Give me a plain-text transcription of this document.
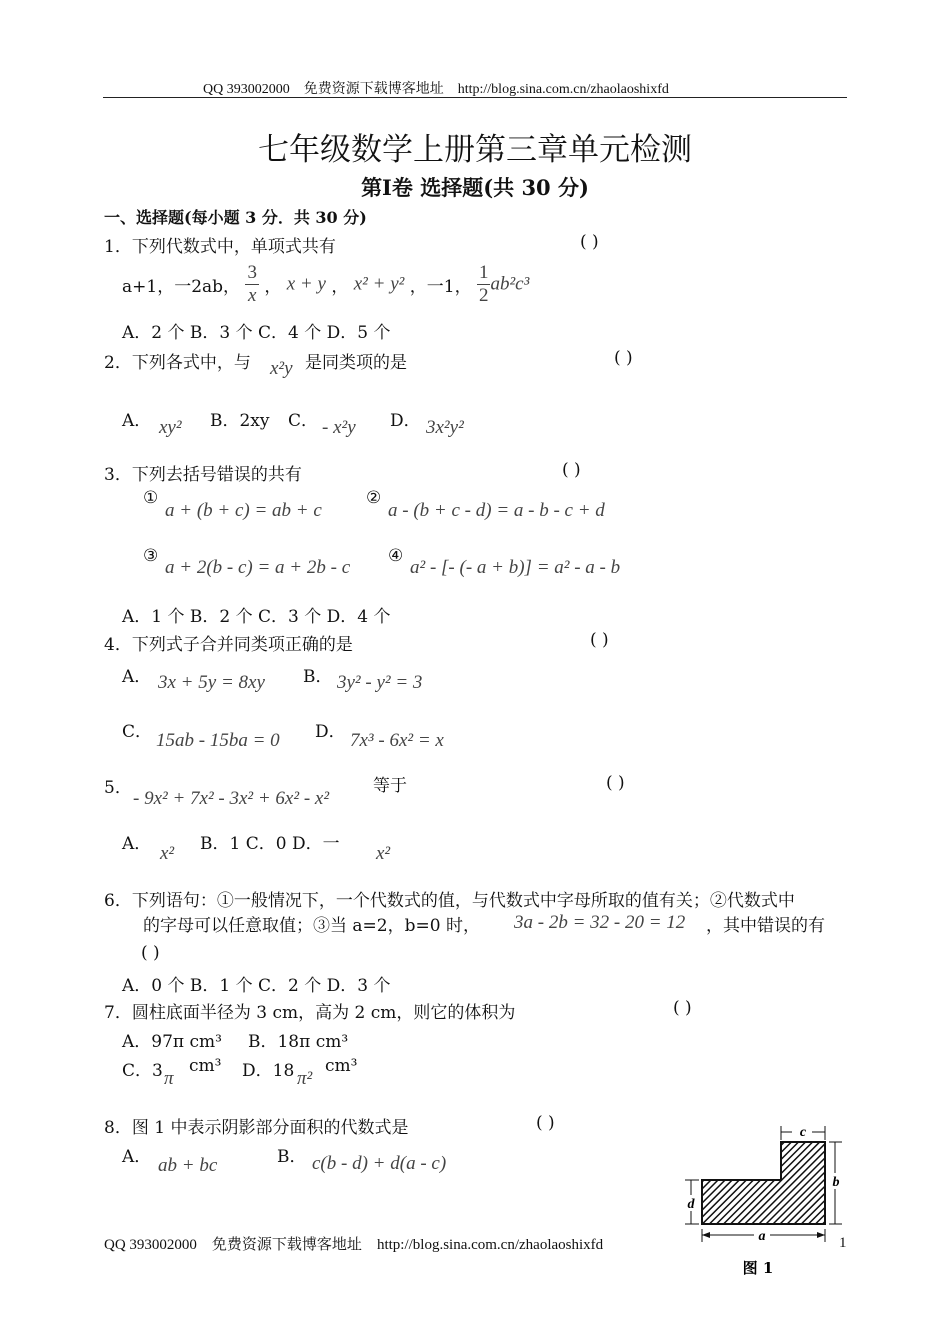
QQ 393002000 免费资源下载博客地址 http://blog.sina.com.cn/zhaolaoshixfd
七年级数学上册第三章单元检测
第Ⅰ卷 选择题(共 30 分)
一、选择题(每小题 3 分．共 30 分)
1．下列代数式中，单项式共有	( )
a+1，一2ab， $\frac{3}{x}$ ， x + y ， x² + y² ，一1， $\frac{1}{2} ab^2c^3$
A．2 个 B．3 个 C．4 个 D．5 个
2．下列各式中，与 x²y 是同类项的是	( )
A． xy² B．2xy C． - x²y D． 3x²y²
3．下列去括号错误的共有	( )
①
a + (b + c) = ab + c
②
a - (b + c - d) = a - b - c + d
③
a + 2(b - c) = a + 2b - c
④
a² - [- (- a + b)] = a² - a - b
A．1 个 B．2 个 C．3 个 D．4 个
4．下列式子合并同类项正确的是	( )
A． 3x + 5y = 8xy B． 3y² - y² = 3
C． 15ab - 15ba = 0 D． 7x³ - 6x² = x
5． - 9x² + 7x² - 3x² + 6x² - x²
等于	( )
A． x² B．1 C．0 D．一 x²
6．下列语句：①一般情况下，一个代数式的值，与代数式中字母所取的值有关；②代数式中
的字母可以任意取值；③当 a=2，b=0 时， 3a - 2b = 32 - 20 = 12 ，其中错误的有
( )
A．0 个 B．1 个 C．2 个 D．3 个
7．圆柱底面半径为 3 cm，高为 2 cm，则它的体积为	( )
A．97π cm³ B．18π cm³
C．3 π
cm³ D．18 π²
cm³
8．图 1 中表示阴影部分面积的代数式是	( )
A． ab + bc	B． c(b - d) + d(a - c)
c
b
d
a
图 1
QQ 393002000 免费资源下载博客地址 http://blog.sina.com.cn/zhaolaoshixfd	1
